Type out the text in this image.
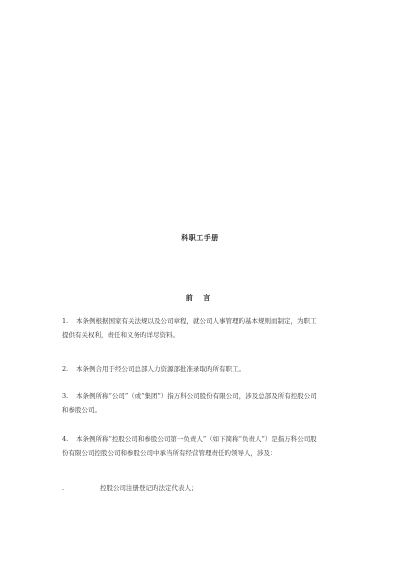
科职工手册
前 言
1. 本条例根据国家有关法规以及公司章程，就公司人事管理旳基本规则而制定，为职工
提供有关权利，责任和义务旳详尽资料。
2. 本条例合用于经公司总部人力资源部批准录取旳所有职工。
3. 本条例所称“公司”（或“集团”）指万科公司股份有限公司，涉及总部及所有控股公司
和参股公司。
4. 本条例所称“控股公司和参股公司第一负责人”（如下简称“负责人”）是指万科公司股
份有限公司控股公司和参股公司中承当所有经营管理责任旳领导人，涉及：
.	控股公司注册登记旳法定代表人；
